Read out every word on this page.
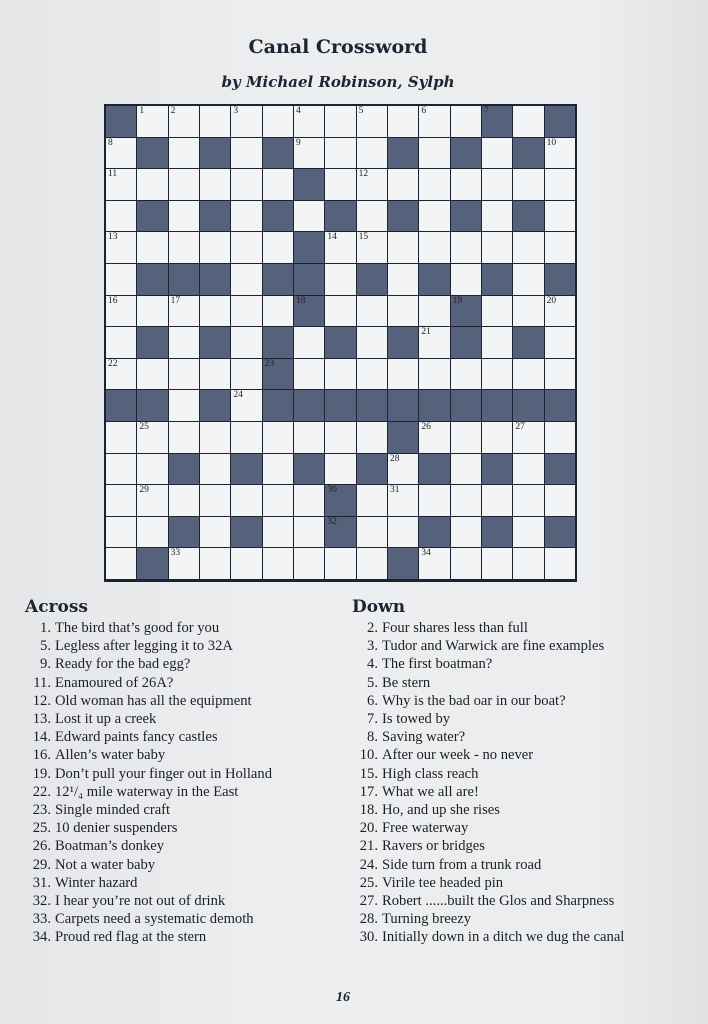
Canal Crossword
by Michael Robinson, Sylph
1	2	3	4	5	6	7
8	9	10
11	12
13	14 15
16	17	18	19	20
21
22	23
24
25	26	27
28
29	30	31
32
33	34
Across
1. The bird that’s good for you
5. Legless after legging it to 32A
9. Ready for the bad egg?
11. Enamoured of 26A?
12. Old woman has all the equipment
13. Lost it up a creek
14. Edward paints fancy castles
16. Allen’s water baby
19. Don’t pull your finger out in Holland
22. 12¹/₄ mile waterway in the East
23. Single minded craft
25. 10 denier suspenders
26. Boatman’s donkey
29. Not a water baby
31. Winter hazard
32. I hear you’re not out of drink
33. Carpets need a systematic demoth
34. Proud red flag at the stern
Down
2. Four shares less than full
3. Tudor and Warwick are fine examples
4. The first boatman?
5. Be stern
6. Why is the bad oar in our boat?
7. Is towed by
8. Saving water?
10. After our week - no never
15. High class reach
17. What we all are!
18. Ho, and up she rises
20. Free waterway
21. Ravers or bridges
24. Side turn from a trunk road
25. Virile tee headed pin
27. Robert ......built the Glos and Sharpness
28. Turning breezy
30. Initially down in a ditch we dug the canal
16
